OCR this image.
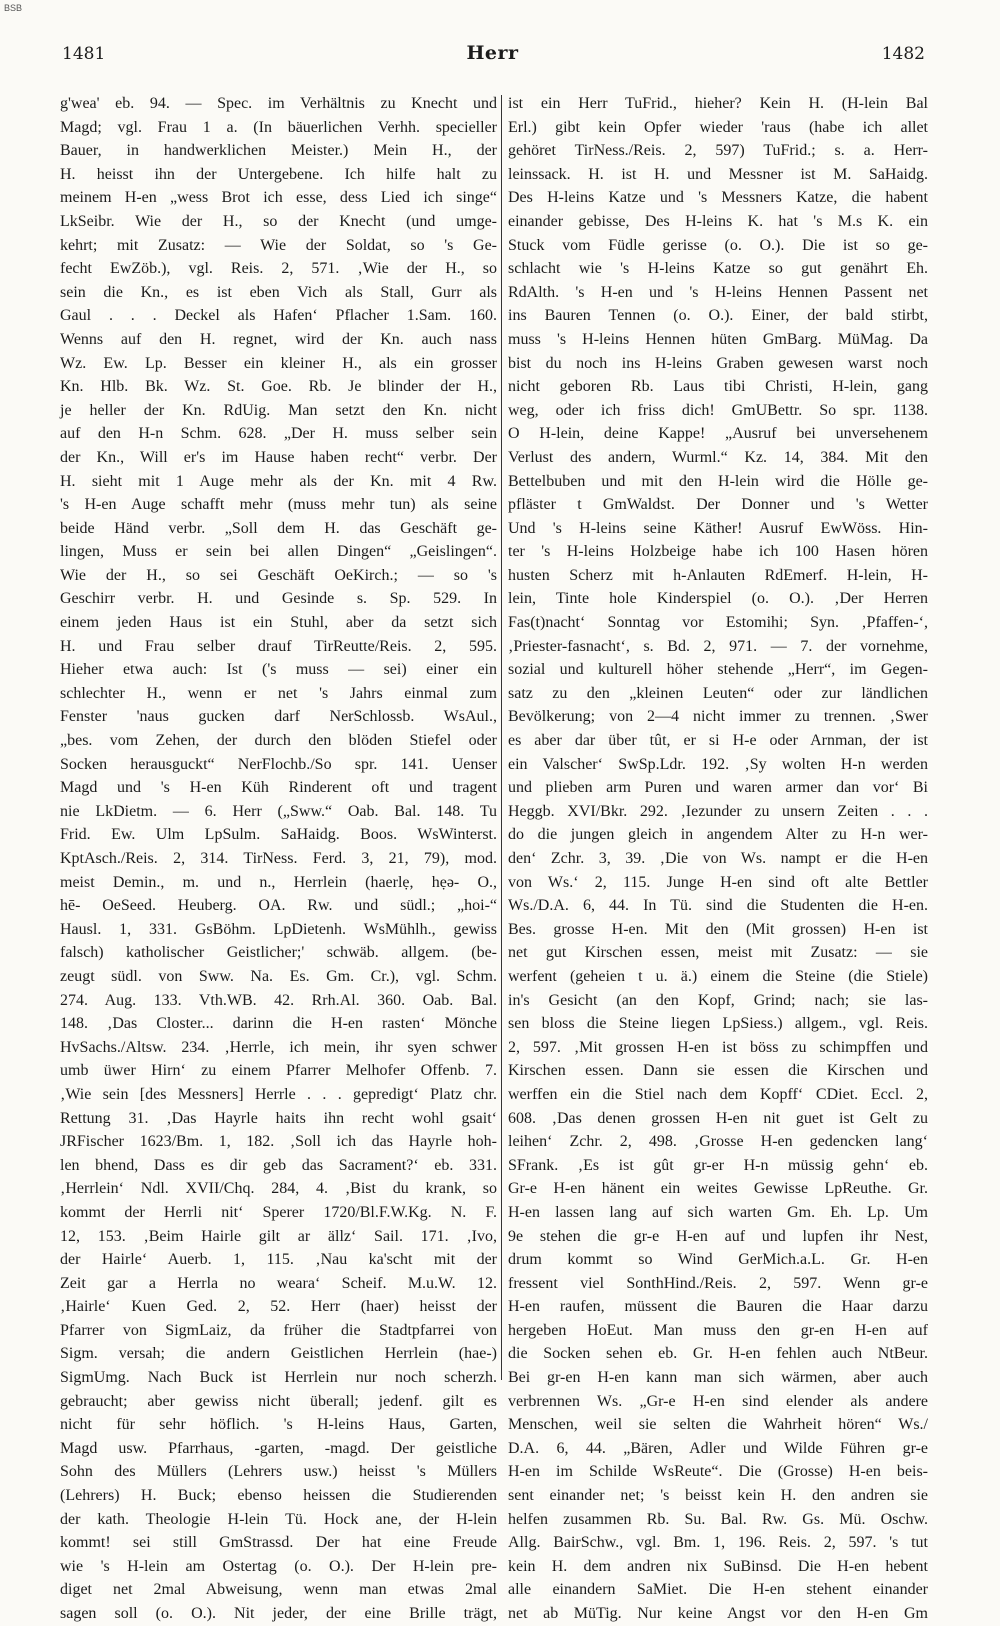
BSB
1481	Herr	1482

g'wea' eb. 94. — Spec. im Verhältnis zu Knecht und

Magd; vgl. Frau 1 a. (In bäuerlichen Verhh. specieller

Bauer, in handwerklichen Meister.) Mein H., der

H. heisst ihn der Untergebene. Ich hilfe halt zu

meinem H-en „wess Brot ich esse, dess Lied ich singe“

LkSeibr. Wie der H., so der Knecht (und umge-

kehrt; mit Zusatz: — Wie der Soldat, so 's Ge-

fecht EwZöb.), vgl. Reis. 2, 571. ‚Wie der H., so

sein die Kn., es ist eben Vich als Stall, Gurr als

Gaul . . . Deckel als Hafen‘ Pflacher 1.Sam. 160.

Wenns auf den H. regnet, wird der Kn. auch nass

Wz. Ew. Lp. Besser ein kleiner H., als ein grosser

Kn. Hlb. Bk. Wz. St. Goe. Rb. Je blinder der H.,

je heller der Kn. RdUig. Man setzt den Kn. nicht

auf den H-n Schm. 628. „Der H. muss selber sein

der Kn., Will er's im Hause haben recht“ verbr. Der

H. sieht mit 1 Auge mehr als der Kn. mit 4 Rw.

's H-en Auge schafft mehr (muss mehr tun) als seine

beide Händ verbr. „Soll dem H. das Geschäft ge-

lingen, Muss er sein bei allen Dingen“ „Geislingen“.

Wie der H., so sei Geschäft OeKirch.; — so 's

Geschirr verbr. H. und Gesinde s. Sp. 529. In

einem jeden Haus ist ein Stuhl, aber da setzt sich

H. und Frau selber drauf TirReutte/Reis. 2, 595.

Hieher etwa auch: Ist ('s muss — sei) einer ein

schlechter H., wenn er net 's Jahrs einmal zum

Fenster 'naus gucken darf NerSchlossb. WsAul.,

„bes. vom Zehen, der durch den blöden Stiefel oder

Socken herausguckt“ NerFlochb./So spr. 141. Uenser

Magd und 's H-en Küh Rinderent oft und tragent

nie LkDietm. — 6. Herr („Sww.“ Oab. Bal. 148. Tu

Frid. Ew. Ulm LpSulm. SaHaidg. Boos. WsWinterst.

KptAsch./Reis. 2, 314. TirNess. Ferd. 3, 21, 79), mod.

meist Demin., m. und n., Herrlein (haerlẹ, hẹə- O.,

hē- OeSeed. Heuberg. OA. Rw. und südl.; „hoi-“

Hausl. 1, 331. GsBöhm. LpDietenh. WsMühlh., gewiss

falsch) katholischer Geistlicher;' schwäb. allgem. (be-

zeugt südl. von Sww. Na. Es. Gm. Cr.), vgl. Schm.

274. Aug. 133. Vth.WB. 42. Rrh.Al. 360. Oab. Bal.

148. ‚Das Closter... darinn die H-en rasten‘ Mönche

HvSachs./Altsw. 234. ‚Herrle, ich mein, ihr syen schwer

umb üwer Hirn‘ zu einem Pfarrer Melhofer Offenb. 7.

‚Wie sein [des Messners] Herrle . . . gepredigt‘ Platz chr.

Rettung 31. ‚Das Hayrle haits ihn recht wohl gsait‘

JRFischer 1623/Bm. 1, 182. ‚Soll ich das Hayrle hoh-

len bhend, Dass es dir geb das Sacrament?‘ eb. 331.

‚Herrlein‘ Ndl. XVII/Chq. 284, 4. ‚Bist du krank, so

kommt der Herrli nit‘ Sperer 1720/Bl.F.W.Kg. N. F.

12, 153. ‚Beim Hairle gilt ar ällz‘ Sail. 171. ‚Ivo,

der Hairle‘ Auerb. 1, 115. ‚Nau ka'scht mit der

Zeit gar a Herrla no weara‘ Scheif. M.u.W. 12.

‚Hairle‘ Kuen Ged. 2, 52. Herr (haer) heisst der

Pfarrer von SigmLaiz, da früher die Stadtpfarrei von

Sigm. versah; die andern Geistlichen Herrlein (hae-)

SigmUmg. Nach Buck ist Herrlein nur noch scherzh.

gebraucht; aber gewiss nicht überall; jedenf. gilt es

nicht für sehr höflich. 's H-leins Haus, Garten,

Magd usw. Pfarrhaus, -garten, -magd. Der geistliche

Sohn des Müllers (Lehrers usw.) heisst 's Müllers

(Lehrers) H. Buck; ebenso heissen die Studierenden

der kath. Theologie H-lein Tü. Hock ane, der H-lein

kommt! sei still GmStrassd. Der hat eine Freude

wie 's H-lein am Ostertag (o. O.). Der H-lein pre-

diget net 2mal Abweisung, wenn man etwas 2mal

sagen soll (o. O.). Nit jeder, der eine Brille trägt,

ist ein Herr TuFrid., hieher? Kein H. (H-lein Bal

Erl.) gibt kein Opfer wieder 'raus (habe ich allet

gehöret TirNess./Reis. 2, 597) TuFrid.; s. a. Herr-

leinssack. H. ist H. und Messner ist M. SaHaidg.

Des H-leins Katze und 's Messners Katze, die habent

einander gebisse, Des H-leins K. hat 's M.s K. ein

Stuck vom Füdle gerisse (o. O.). Die ist so ge-

schlacht wie 's H-leins Katze so gut genährt Eh.

RdAlth. 's H-en und 's H-leins Hennen Passent net

ins Bauren Tennen (o. O.). Einer, der bald stirbt,

muss 's H-leins Hennen hüten GmBarg. MüMag. Da

bist du noch ins H-leins Graben gewesen warst noch

nicht geboren Rb. Laus tibi Christi, H-lein, gang

weg, oder ich friss dich! GmUBettr. So spr. 1138.

O H-lein, deine Kappe! „Ausruf bei unversehenem

Verlust des andern, Wurml.“ Kz. 14, 384. Mit den

Bettelbuben und mit den H-lein wird die Hölle ge-

pfläster t GmWaldst. Der Donner und 's Wetter

Und 's H-leins seine Käther! Ausruf EwWöss. Hin-

ter 's H-leins Holzbeige habe ich 100 Hasen hören

husten Scherz mit h-Anlauten RdEmerf. H-lein, H-

lein, Tinte hole Kinderspiel (o. O.). ‚Der Herren

Fas(t)nacht‘ Sonntag vor Estomihi; Syn. ‚Pfaffen-‘,

‚Priester-fasnacht‘, s. Bd. 2, 971. — 7. der vornehme,

sozial und kulturell höher stehende „Herr“, im Gegen-

satz zu den „kleinen Leuten“ oder zur ländlichen

Bevölkerung; von 2—4 nicht immer zu trennen. ‚Swer

es aber dar über tût, er si H-e oder Arnman, der ist

ein Valscher‘ SwSp.Ldr. 192. ‚Sy wolten H-n werden

und plieben arm Puren und waren armer dan vor‘ Bi

Heggb. XVI/Bkr. 292. ‚Iezunder zu unsern Zeiten . . .

do die jungen gleich in angendem Alter zu H-n wer-

den‘ Zchr. 3, 39. ‚Die von Ws. nampt er die H-en

von Ws.‘ 2, 115. Junge H-en sind oft alte Bettler

Ws./D.A. 6, 44. In Tü. sind die Studenten die H-en.

Bes. grosse H-en. Mit den (Mit grossen) H-en ist

net gut Kirschen essen, meist mit Zusatz: — sie

werfent (geheien t u. ä.) einem die Steine (die Stiele)

in's Gesicht (an den Kopf, Grind; nach; sie las-

sen bloss die Steine liegen LpSiess.) allgem., vgl. Reis.

2, 597. ‚Mit grossen H-en ist böss zu schimpffen und

Kirschen essen. Dann sie essen die Kirschen und

werffen ein die Stiel nach dem Kopff‘ CDiet. Eccl. 2,

608. ‚Das denen grossen H-en nit guet ist Gelt zu

leihen‘ Zchr. 2, 498. ‚Grosse H-en gedencken lang‘

SFrank. ‚Es ist gût gr-er H-n müssig gehn‘ eb.

Gr-e H-en hänent ein weites Gewisse LpReuthe. Gr.

H-en lassen lang auf sich warten Gm. Eh. Lp. Um

9e stehen die gr-e H-en auf und lupfen ihr Nest,

drum kommt so Wind GerMich.a.L. Gr. H-en

fressent viel SonthHind./Reis. 2, 597. Wenn gr-e

H-en raufen, müssent die Bauren die Haar darzu

hergeben HoEut. Man muss den gr-en H-en auf

die Socken sehen eb. Gr. H-en fehlen auch NtBeur.

Bei gr-en H-en kann man sich wärmen, aber auch

verbrennen Ws. „Gr-e H-en sind elender als andere

Menschen, weil sie selten die Wahrheit hören“ Ws./

D.A. 6, 44. „Bären, Adler und Wilde Führen gr-e

H-en im Schilde WsReute“. Die (Grosse) H-en beis-

sent einander net; 's beisst kein H. den andren sie

helfen zusammen Rb. Su. Bal. Rw. Gs. Mü. Oschw.

Allg. BairSchw., vgl. Bm. 1, 196. Reis. 2, 597. 's tut

kein H. dem andren nix SuBinsd. Die H-en hebent

alle einandern SaMiet. Die H-en stehent einander

net ab MüTig. Nur keine Angst vor den H-en Gm
